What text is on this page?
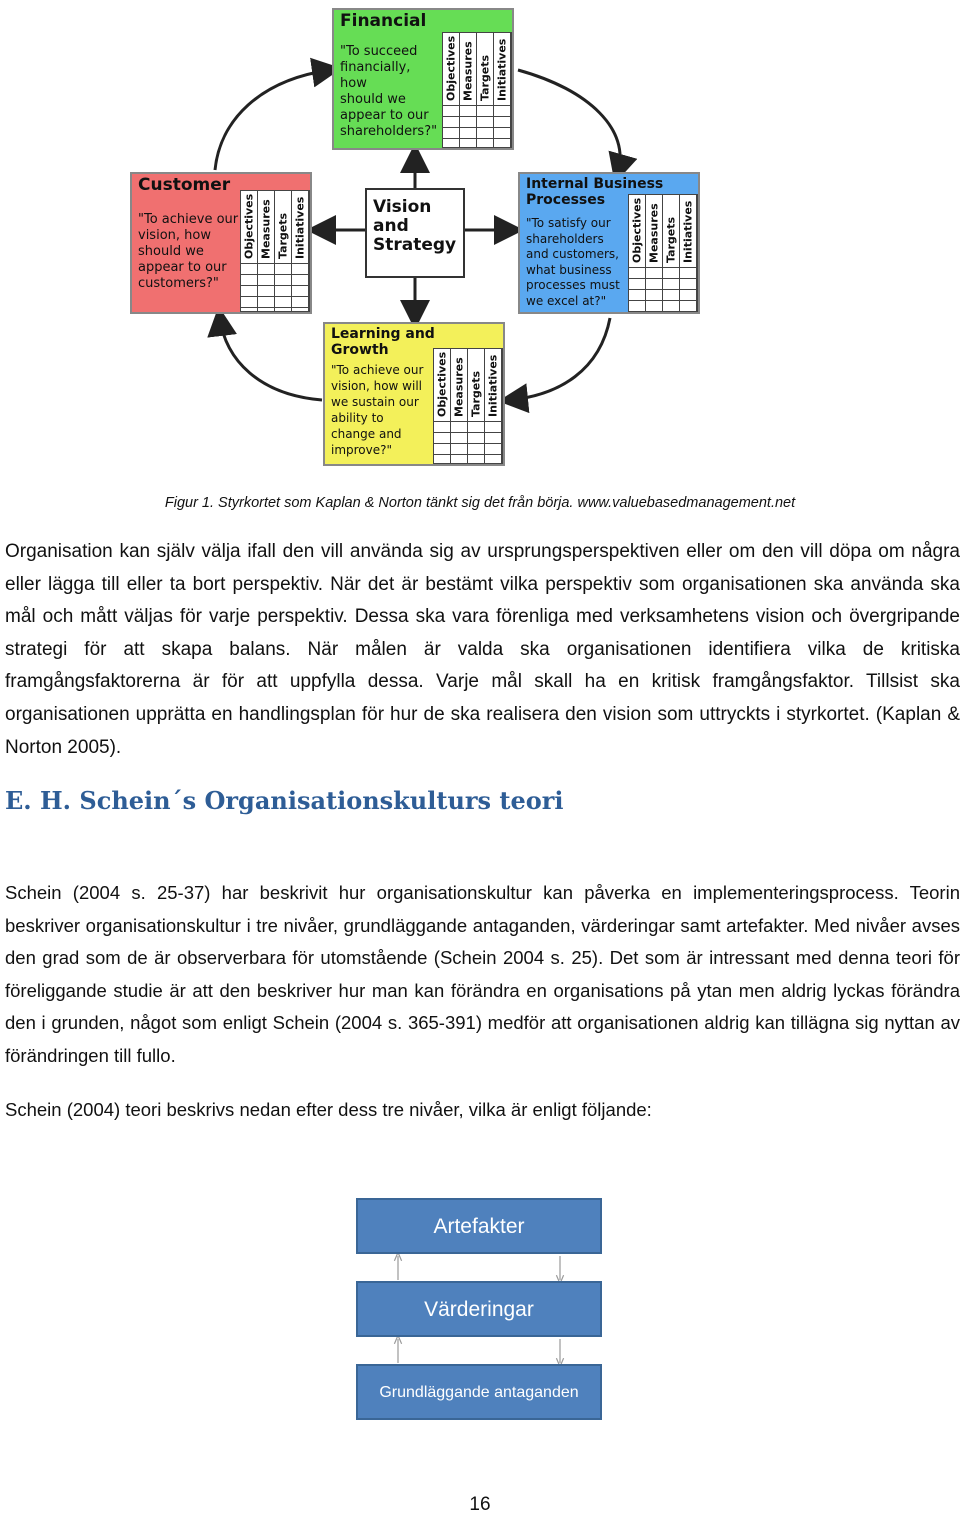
Financial
"To succeed
financially, how
should we
appear to our
shareholders?"
Objectives Measures Targets Initiatives
Customer
"To achieve our
vision, how
should we
appear to our
customers?"
Objectives Measures Targets Initiatives
Internal Business
Processes
"To satisfy our
shareholders
and customers,
what business
processes must
we excel at?"
Objectives Measures Targets Initiatives
Learning and
Growth
"To achieve our
vision, how will
we sustain our
ability to
change and
improve?"
Objectives Measures Targets Initiatives
Vision
and
Strategy
Figur 1. Styrkortet som Kaplan & Norton tänkt sig det från börja. www.valuebasedmanagement.net
Organisation kan själv välja ifall den vill använda sig av ursprungsperspektiven eller om den vill döpa om några eller lägga till eller ta bort perspektiv. När det är bestämt vilka perspektiv som organisationen ska använda ska mål och mått väljas för varje perspektiv. Dessa ska vara förenliga med verksamhetens vision och övergripande strategi för att skapa balans. När målen är valda ska organisationen identifiera vilka de kritiska framgångsfaktorerna är för att uppfylla dessa. Varje mål skall ha en kritisk framgångsfaktor. Tillsist ska organisationen upprätta en handlingsplan för hur de ska realisera den vision som uttryckts i styrkortet. (Kaplan & Norton 2005).
E. H. Schein´s Organisationskulturs teori
Schein (2004 s. 25-37) har beskrivit hur organisationskultur kan påverka en implementeringsprocess. Teorin beskriver organisationskultur i tre nivåer, grundläggande antaganden, värderingar samt artefakter. Med nivåer avses den grad som de är observerbara för utomstående (Schein 2004 s. 25). Det som är intressant med denna teori för föreliggande studie är att den beskriver hur man kan förändra en organisations på ytan men aldrig lyckas förändra den i grunden, något som enligt Schein (2004 s. 365-391) medför att organisationen aldrig kan tillägna sig nyttan av förändringen till fullo.
Schein (2004) teori beskrivs nedan efter dess tre nivåer, vilka är enligt följande:
Artefakter
Värderingar
Grundläggande antaganden
16
